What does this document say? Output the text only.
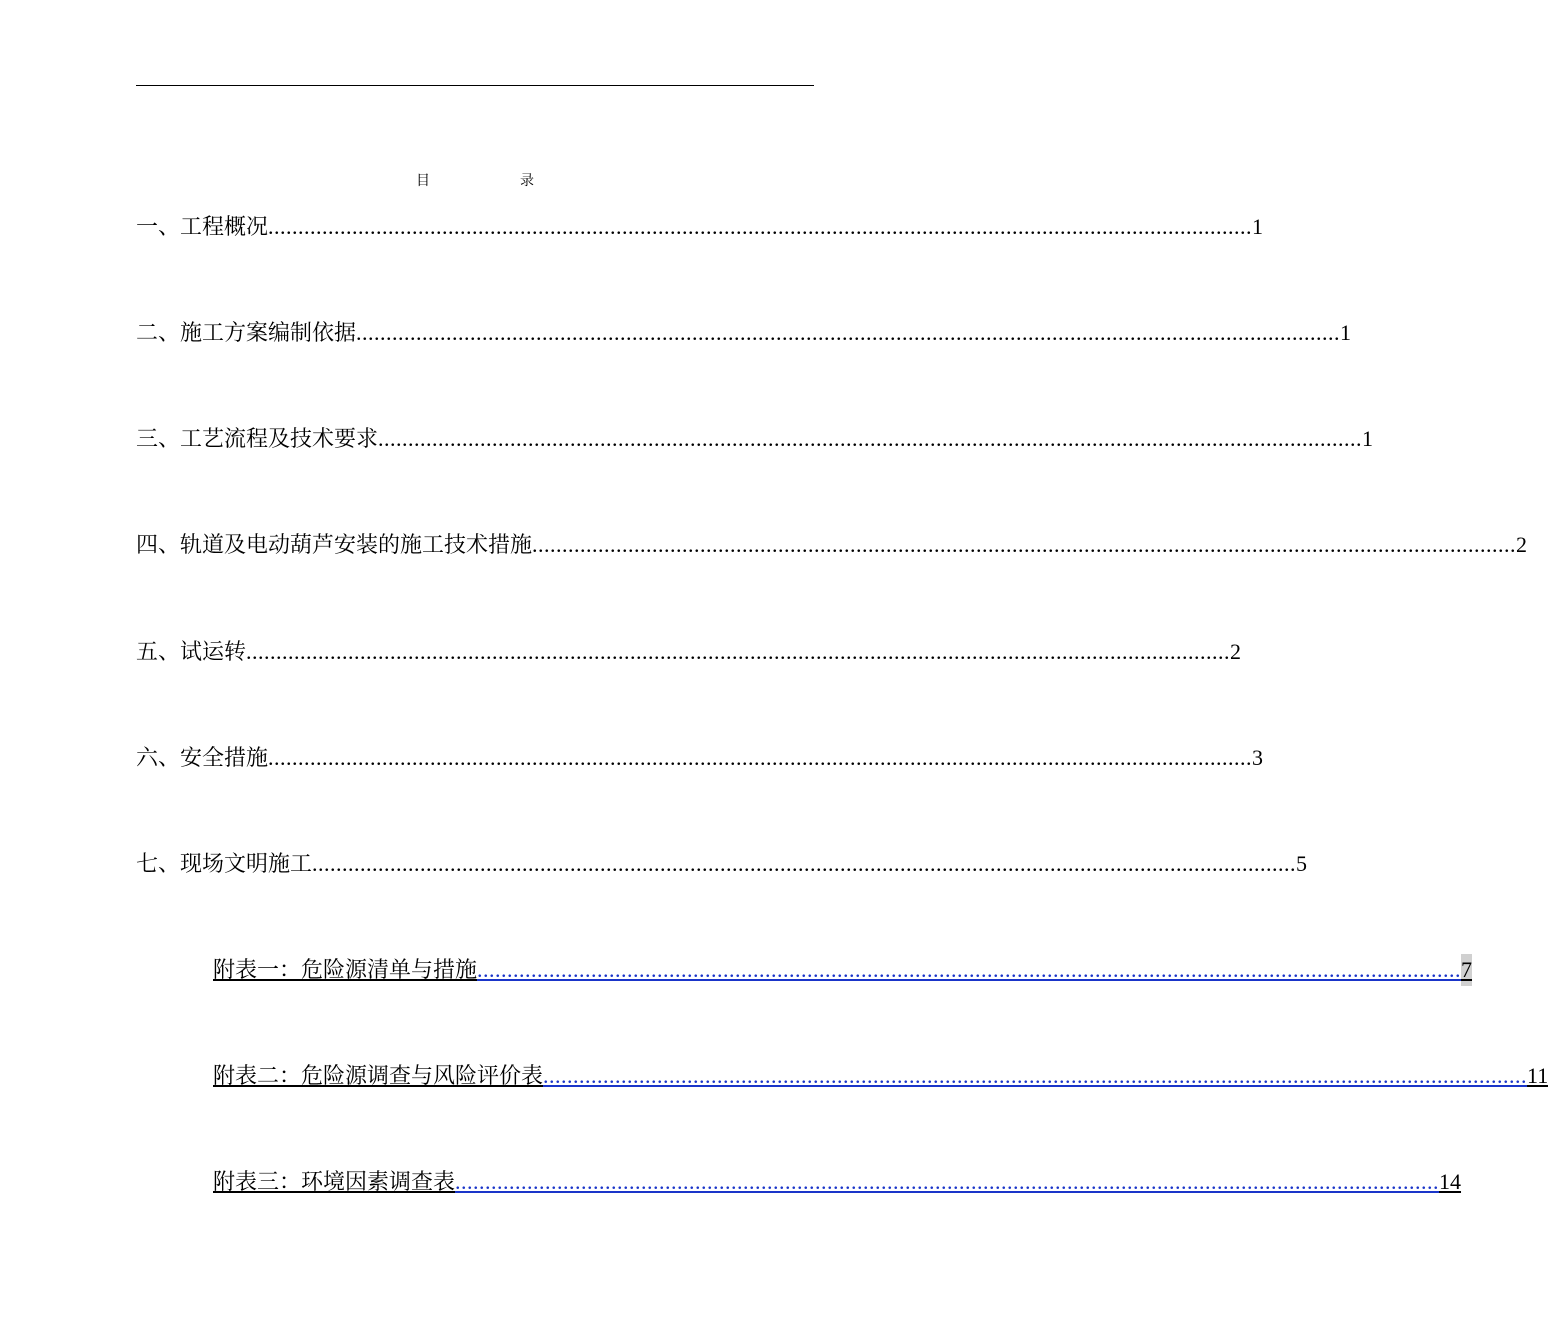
目	录
一、工程概况 .................................................................................................................................................................... 1
二、施工方案编制依据 .................................................................................................................................................................... 1
三、工艺流程及技术要求 .................................................................................................................................................................... 1
四、轨道及电动葫芦安装的施工技术措施 .................................................................................................................................................................... 2
五、试运转 .................................................................................................................................................................... 2
六、安全措施 .................................................................................................................................................................... 3
七、现场文明施工 .................................................................................................................................................................... 5
附表一：危险源清单与措施 .................................................................................................................................................................... 7
附表二：危险源调查与风险评价表 .................................................................................................................................................................... 11
附表三：环境因素调查表 .................................................................................................................................................................... 14
